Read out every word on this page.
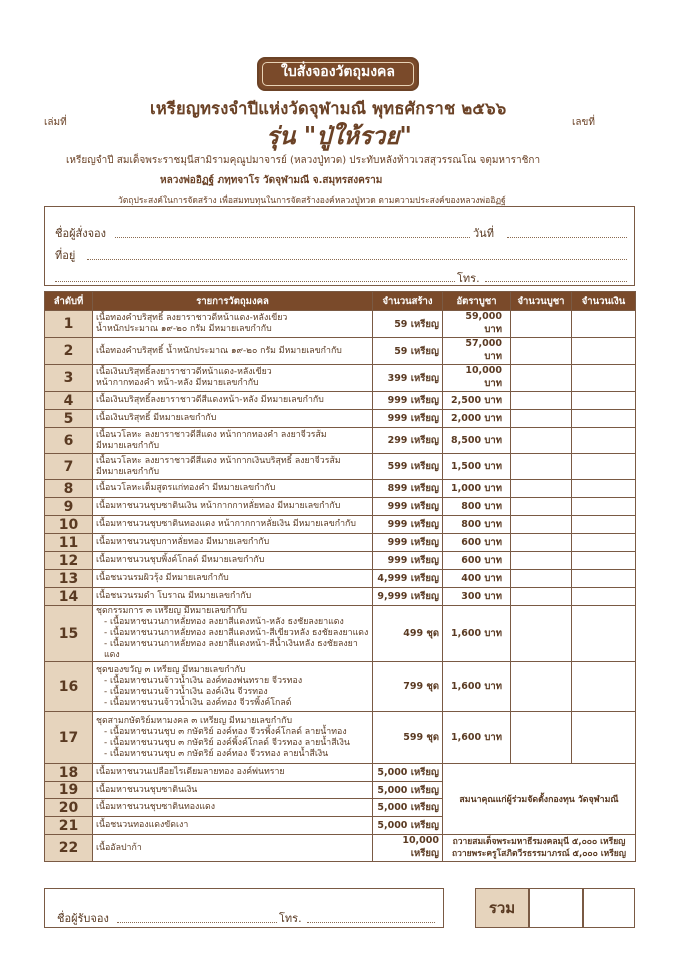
ใบสั่งจองวัตถุมงคล
เหรียญทรงจำปีแห่งวัดจุฬามณี พุทธศักราช ๒๕๖๖
เล่มที่	เลขที่
รุ่น "ปู่ให้รวย"
เหรียญจำปี สมเด็จพระราชมุนีสามิรามคุณูปมาจารย์ (หลวงปู่ทวด) ประทับหลังท้าวเวสสุวรรณโณ จตุมหาราชิกา
หลวงพ่ออิฏฐ์ ภทฺทจาโร วัดจุฬามณี จ.สมุทรสงคราม
วัตถุประสงค์ในการจัดสร้าง เพื่อสมทบทุนในการจัดสร้างองค์หลวงปู่ทวด ตามความประสงค์ของหลวงพ่ออิฏฐ์
ชื่อผู้สั่งจอง	วันที่
ที่อยู่
โทร.
ลำดับที่	รายการวัตถุมงคล	จำนวนสร้าง	อัตราบูชา	จำนวนบูชา	จำนวนเงิน
1	เนื้อทองคำบริสุทธิ์ ลงยาราชาวดีหน้าแดง-หลังเขียว
น้ำหนักประมาณ ๑๙-๒๐ กรัม มีหมายเลขกำกับ	59 เหรียญ	59,000 บาท		
2	เนื้อทองคำบริสุทธิ์ น้ำหนักประมาณ ๑๙-๒๐ กรัม มีหมายเลขกำกับ	59 เหรียญ	57,000 บาท		
3	เนื้อเงินบริสุทธิ์ลงยาราชาวดีหน้าแดง-หลังเขียว
หน้ากากทองคำ หน้า-หลัง มีหมายเลขกำกับ	399 เหรียญ	10,000 บาท		
4	เนื้อเงินบริสุทธิ์ลงยาราชาวดีสีแดงหน้า-หลัง มีหมายเลขกำกับ	999 เหรียญ	2,500 บาท		
5	เนื้อเงินบริสุทธิ์ มีหมายเลขกำกับ	999 เหรียญ	2,000 บาท		
6	เนื้อนวโลหะ ลงยาราชาวดีสีแดง หน้ากากทองคำ ลงยาจีวรส้ม
มีหมายเลขกำกับ	299 เหรียญ	8,500 บาท		
7	เนื้อนวโลหะ ลงยาราชาวดีสีแดง หน้ากากเงินบริสุทธิ์ ลงยาจีวรส้ม
มีหมายเลขกำกับ	599 เหรียญ	1,500 บาท		
8	เนื้อนวโลหะเต็มสูตรแก่ทองคำ มีหมายเลขกำกับ	899 เหรียญ	1,000 บาท		
9	เนื้อมหาชนวนชุบซาตินเงิน หน้ากากกาหลั่ยทอง มีหมายเลขกำกับ	999 เหรียญ	800 บาท		
10	เนื้อมหาชนวนชุบซาตินทองแดง หน้ากากกาหลั่ยเงิน มีหมายเลขกำกับ	999 เหรียญ	800 บาท		
11	เนื้อมหาชนวนชุบกาหลั่ยทอง มีหมายเลขกำกับ	999 เหรียญ	600 บาท		
12	เนื้อมหาชนวนชุบพิ้งค์โกลด์ มีหมายเลขกำกับ	999 เหรียญ	600 บาท		
13	เนื้อชนวนรมผิวรุ้ง มีหมายเลขกำกับ	4,999 เหรียญ	400 บาท		
14	เนื้อชนวนรมดำ โบราณ มีหมายเลขกำกับ	9,999 เหรียญ	300 บาท		
15	ชุดกรรมการ ๓ เหรียญ มีหมายเลขกำกับ
- เนื้อมหาชนวนกาหลั่ยทอง ลงยาสีแดงหน้า-หลัง ธงชัยลงยาแดง
- เนื้อมหาชนวนกาหลั่ยทอง ลงยาสีแดงหน้า-สีเขียวหลัง ธงชัยลงยาแดง
- เนื้อมหาชนวนกาหลั่ยทอง ลงยาสีแดงหน้า-สีน้ำเงินหลัง ธงชัยลงยาแดง	499 ชุด	1,600 บาท		
16	ชุดของขวัญ ๓ เหรียญ มีหมายเลขกำกับ
- เนื้อมหาชนวนจ้าวน้ำเงิน องค์ทองพ่นทราย จีวรทอง
- เนื้อมหาชนวนจ้าวน้ำเงิน องค์เงิน จีวรทอง
- เนื้อมหาชนวนจ้าวน้ำเงิน องค์ทอง จีวรพิ้งค์โกลด์	799 ชุด	1,600 บาท		
17	ชุดสามกษัตริย์มหามงคล ๓ เหรียญ มีหมายเลขกำกับ
- เนื้อมหาชนวนชุบ ๓ กษัตริย์ องค์ทอง จีวรพิ้งค์โกลด์ ลายน้ำทอง
- เนื้อมหาชนวนชุบ ๓ กษัตริย์ องค์พิ้งค์โกลด์ จีวรทอง ลายน้ำสีเงิน
- เนื้อมหาชนวนชุบ ๓ กษัตริย์ องค์ทอง จีวรทอง ลายน้ำสีเงิน	599 ชุด	1,600 บาท		
18	เนื้อมหาชนวนเปลือยไรเดียมลายทอง องค์พ่นทราย	5,000 เหรียญ	สมนาคุณแก่ผู้ร่วมจัดตั้งกองทุน วัดจุฬามณี		
19	เนื้อมหาชนวนชุบซาตินเงิน	5,000 เหรียญ			
20	เนื้อมหาชนวนชุบซาตินทองแดง	5,000 เหรียญ			
21	เนื้อชนวนทองแดงขัดเงา	5,000 เหรียญ			
22	เนื้ออัลปาก้า	10,000 เหรียญ	ถวายสมเด็จพระมหาธีรมงคลมุนี ๕,๐๐๐ เหรียญ
ถวายพระครูโสภิตวีรธรรมาภรณ์ ๕,๐๐๐ เหรียญ		
ชื่อผู้รับจอง	โทร.
รวม
